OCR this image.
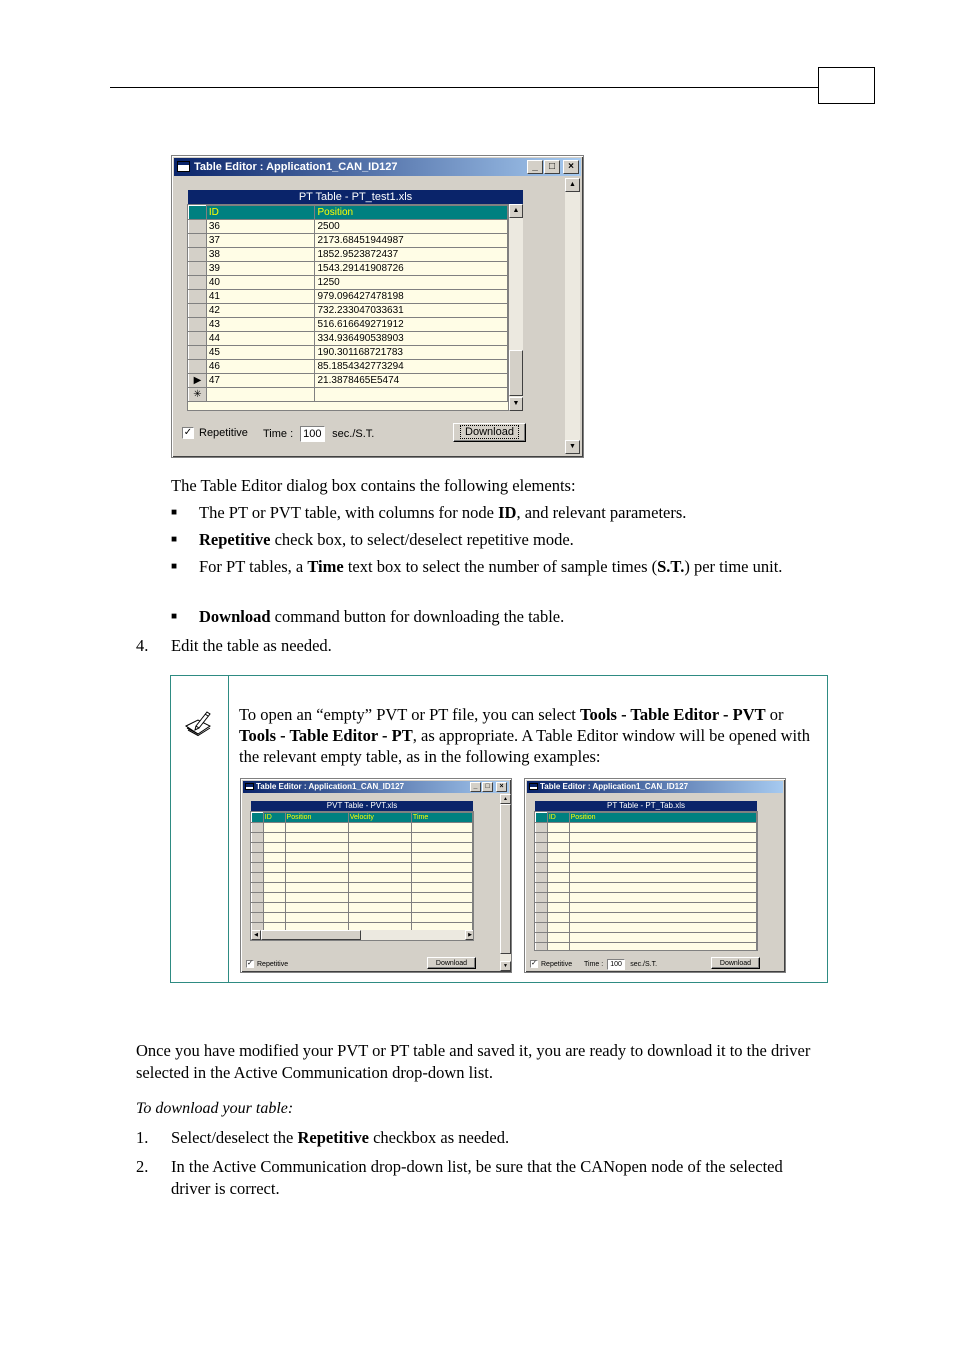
Table Editor : Application1_CAN_ID127	_	□	×
PT Table - PT_test1.xls
	ID	Position
	36	2500
	37	2173.68451944987
	38	1852.9523872437
	39	1543.29141908726
	40	1250
	41	979.096427478198
	42	732.233047033631
	43	516.616649271912
	44	334.936490538903
	45	190.301168721783
	46	85.1854342773294
▶	47	21.3878465E5474
✳		
▲
▼
▲
▼
✓ Repetitive Time : 100 sec./S.T.	Download
The Table Editor dialog box contains the following elements:
■ The PT or PVT table, with columns for node ID, and relevant parameters.
■ Repetitive check box, to select/deselect repetitive mode.
■ For PT tables, a Time text box to select the number of sample times (S.T.) per time unit.
■ Download command button for downloading the table.
4. Edit the table as needed.
To open an “empty” PVT or PT file, you can select Tools - Table Editor - PVT or Tools - Table Editor - PT, as appropriate. A Table Editor window will be opened with the relevant empty table, as in the following examples:
Table Editor : Application1_CAN_ID127	_	□	×
PVT Table - PVT.xls
	ID	Position	Velocity	Time

◀	▶
▲
▼
✓ Repetitive	Download
Table Editor : Application1_CAN_ID127
PT Table - PT_Tab.xls
	ID	Position

✓ Repetitive Time :	100	sec./S.T.	Download
Once you have modified your PVT or PT table and saved it, you are ready to download it to the driver selected in the Active Communication drop-down list.
To download your table:
1. Select/deselect the Repetitive checkbox as needed.
2. In the Active Communication drop-down list, be sure that the CANopen node of the selected driver is correct.
